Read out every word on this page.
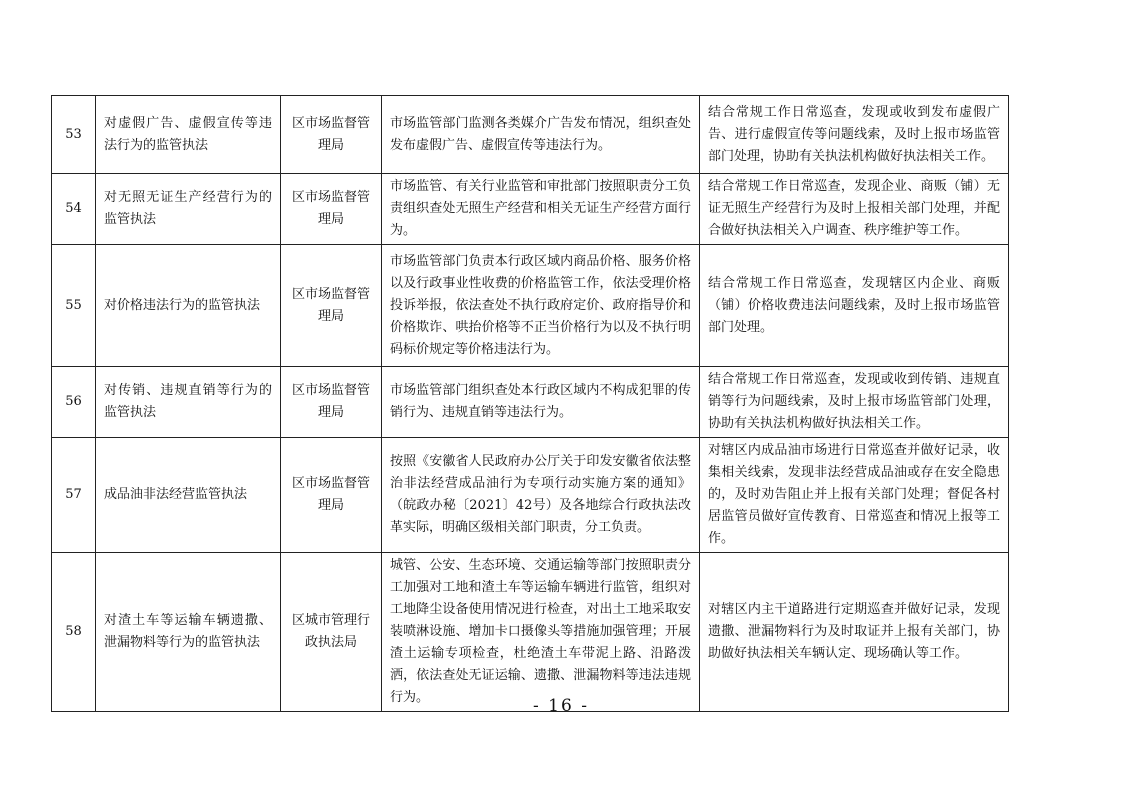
53	对虚假广告、虚假宣传等违法行为的监管执法	区市场监督管理局	市场监管部门监测各类媒介广告发布情况，组织查处发布虚假广告、虚假宣传等违法行为。	结合常规工作日常巡查，发现或收到发布虚假广告、进行虚假宣传等问题线索，及时上报市场监管部门处理，协助有关执法机构做好执法相关工作。
54	对无照无证生产经营行为的监管执法	区市场监督管理局	市场监管、有关行业监管和审批部门按照职责分工负责组织查处无照生产经营和相关无证生产经营方面行为。	结合常规工作日常巡查，发现企业、商贩（铺）无证无照生产经营行为及时上报相关部门处理，并配合做好执法相关入户调查、秩序维护等工作。
55	对价格违法行为的监管执法	区市场监督管理局	市场监管部门负责本行政区域内商品价格、服务价格以及行政事业性收费的价格监管工作，依法受理价格投诉举报，依法查处不执行政府定价、政府指导价和价格欺诈、哄抬价格等不正当价格行为以及不执行明码标价规定等价格违法行为。	结合常规工作日常巡查，发现辖区内企业、商贩（铺）价格收费违法问题线索，及时上报市场监管部门处理。
56	对传销、违规直销等行为的监管执法	区市场监督管理局	市场监管部门组织查处本行政区域内不构成犯罪的传销行为、违规直销等违法行为。	结合常规工作日常巡查，发现或收到传销、违规直销等行为问题线索，及时上报市场监管部门处理，协助有关执法机构做好执法相关工作。
57	成品油非法经营监管执法	区市场监督管理局	按照《安徽省人民政府办公厅关于印发安徽省依法整治非法经营成品油行为专项行动实施方案的通知》（皖政办秘〔2021〕42号）及各地综合行政执法改革实际，明确区级相关部门职责，分工负责。	对辖区内成品油市场进行日常巡查并做好记录，收集相关线索，发现非法经营成品油或存在安全隐患的，及时劝告阻止并上报有关部门处理；督促各村居监管员做好宣传教育、日常巡查和情况上报等工作。
58	对渣土车等运输车辆遗撒、泄漏物料等行为的监管执法	区城市管理行政执法局	城管、公安、生态环境、交通运输等部门按照职责分工加强对工地和渣土车等运输车辆进行监管，组织对工地降尘设备使用情况进行检查，对出土工地采取安装喷淋设施、增加卡口摄像头等措施加强管理；开展渣土运输专项检查，杜绝渣土车带泥上路、沿路泼洒，依法查处无证运输、遗撒、泄漏物料等违法违规行为。	对辖区内主干道路进行定期巡查并做好记录，发现遗撒、泄漏物料行为及时取证并上报有关部门，协助做好执法相关车辆认定、现场确认等工作。
- 16 -
